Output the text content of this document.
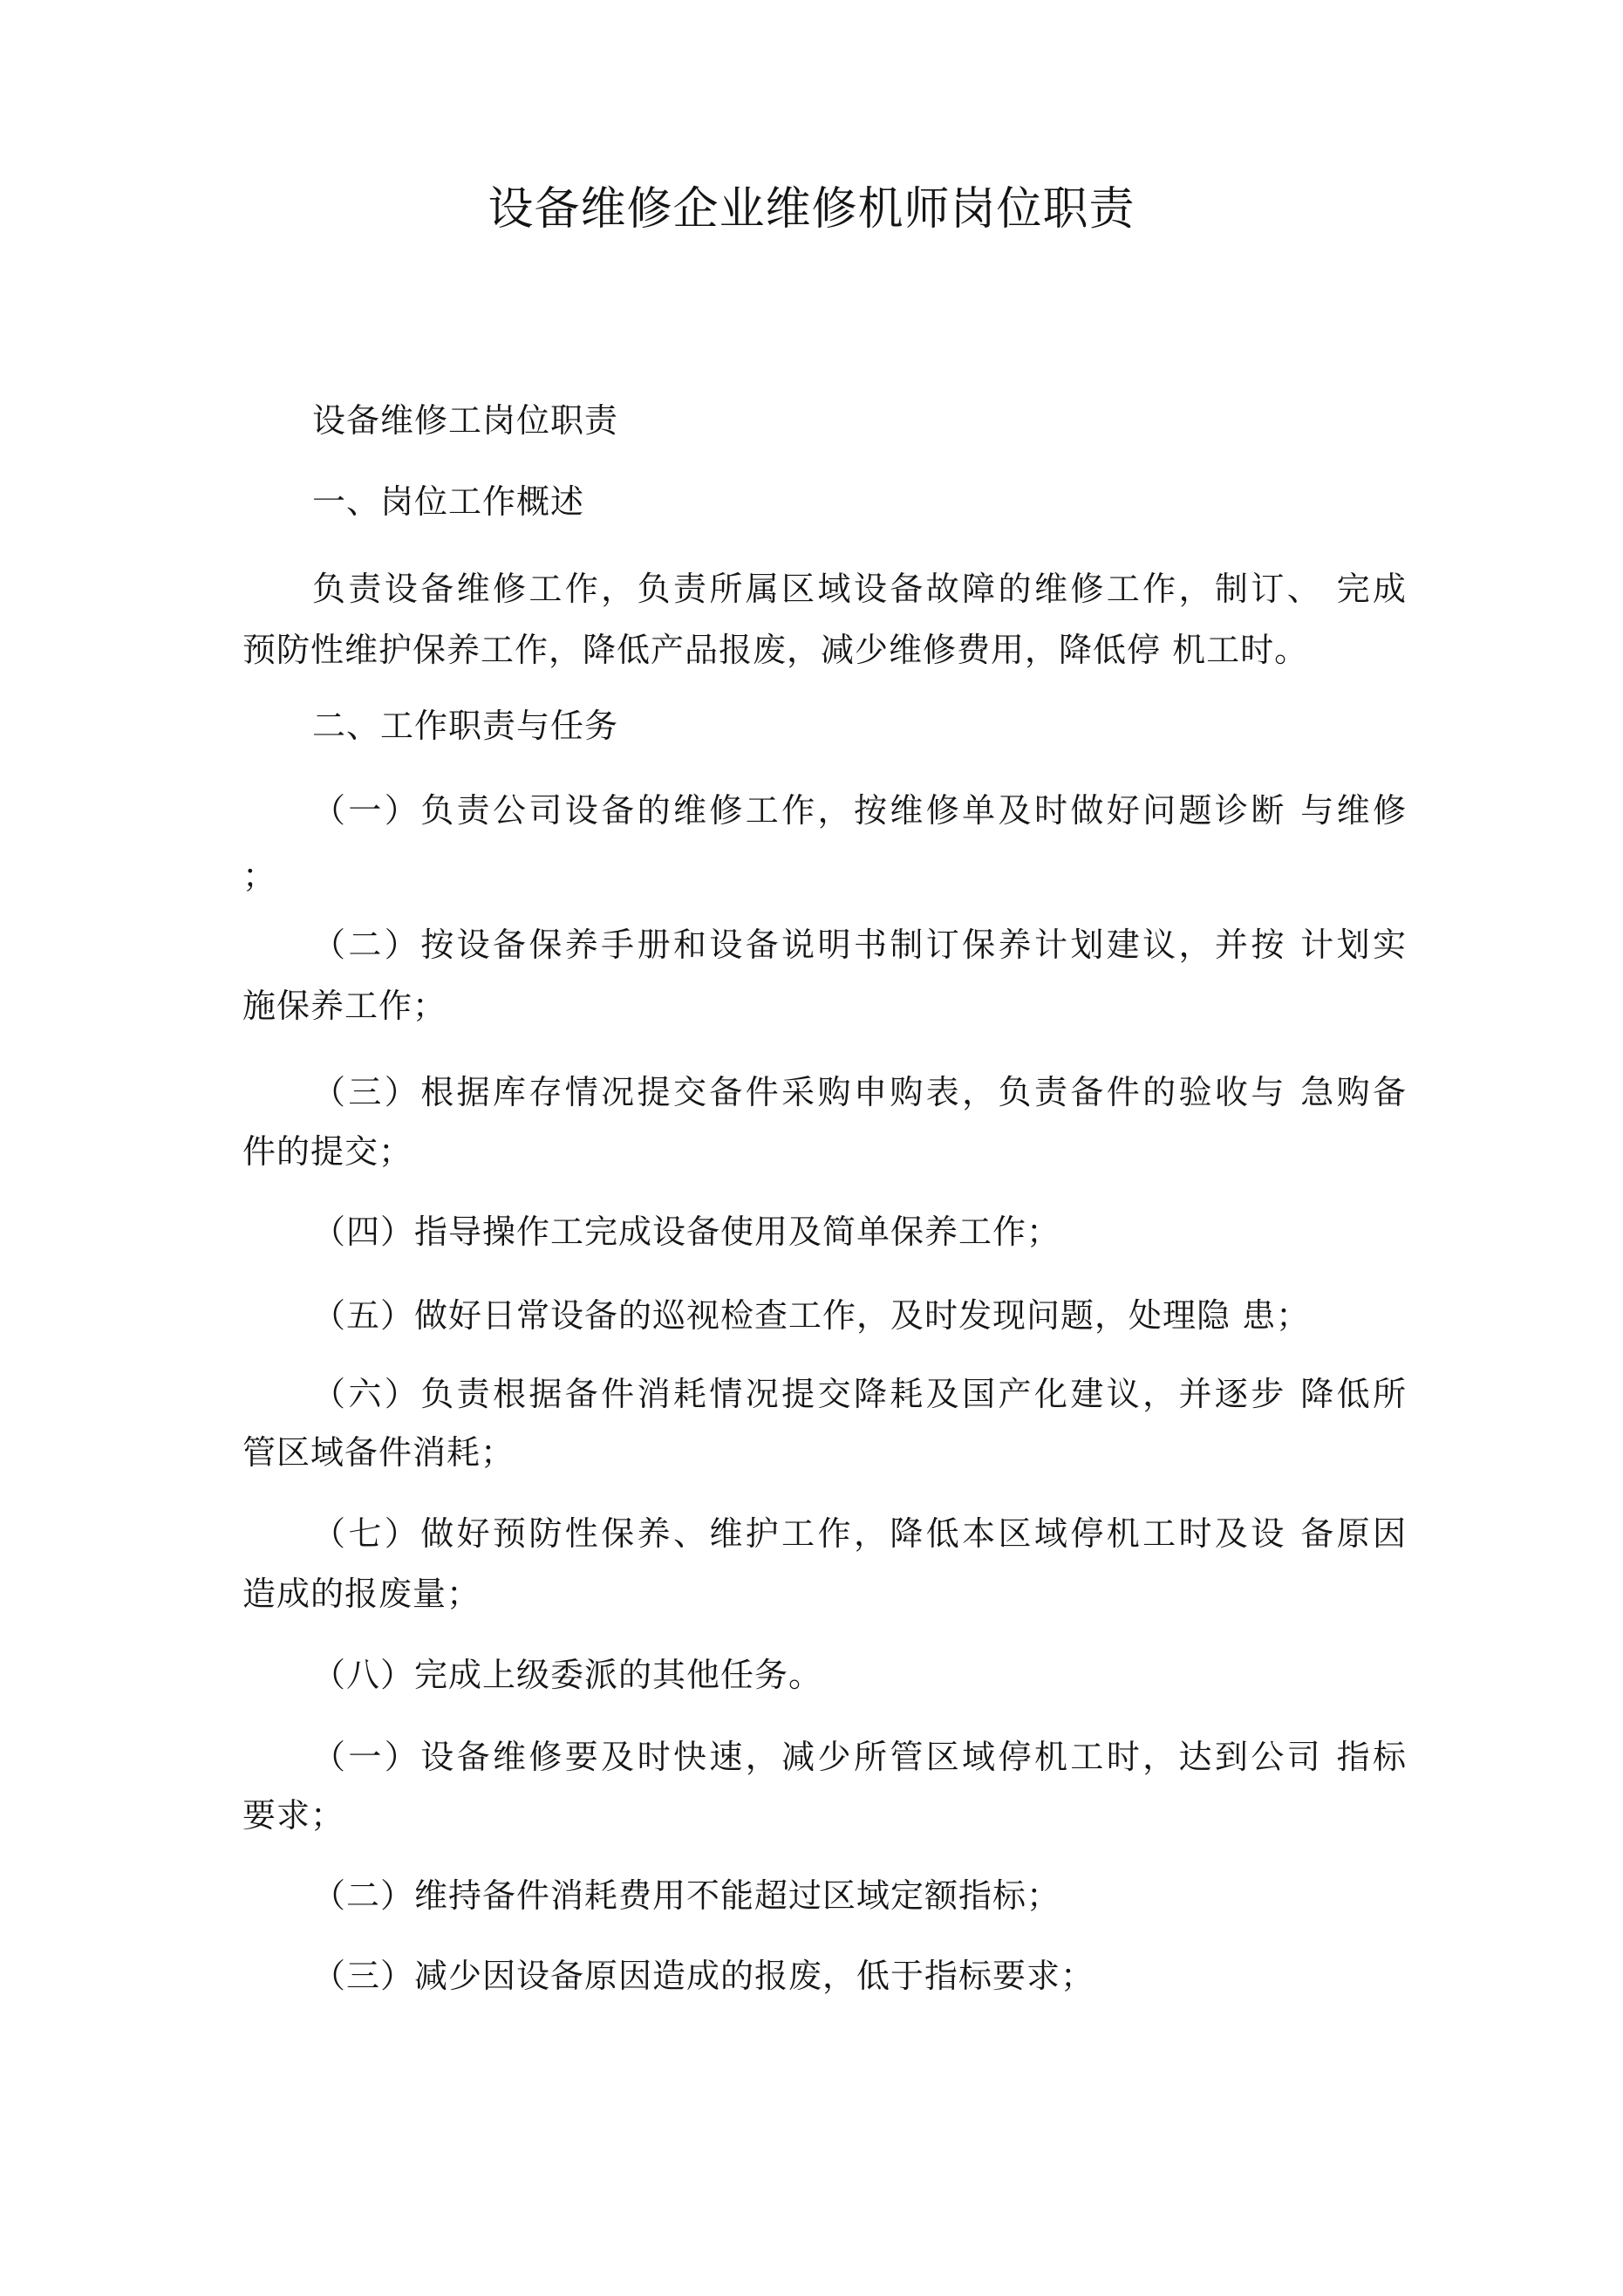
设备维修企业维修机师岗位职责
设备维修工岗位职责
一、岗位工作概述
负责设备维修工作，负责所属区域设备故障的维修工作，制订、 完成
预防性维护保养工作，降低产品报废，减少维修费用，降低停 机工时。
二、工作职责与任务
（一）负责公司设备的维修工作，按维修单及时做好问题诊断 与维修
；
（二）按设备保养手册和设备说明书制订保养计划建议，并按 计划实
施保养工作；
（三）根据库存情况提交备件采购申购表，负责备件的验收与 急购备
件的提交；
（四）指导操作工完成设备使用及简单保养工作；
（五）做好日常设备的巡视检查工作，及时发现问题，处理隐 患；
（六）负责根据备件消耗情况提交降耗及国产化建议，并逐步 降低所
管区域备件消耗；
（七）做好预防性保养、维护工作，降低本区域停机工时及设 备原因
造成的报废量；
（八）完成上级委派的其他任务。
（一）设备维修要及时快速，减少所管区域停机工时，达到公司 指标
要求；
（二）维持备件消耗费用不能超过区域定额指标；
（三）减少因设备原因造成的报废，低于指标要求；
